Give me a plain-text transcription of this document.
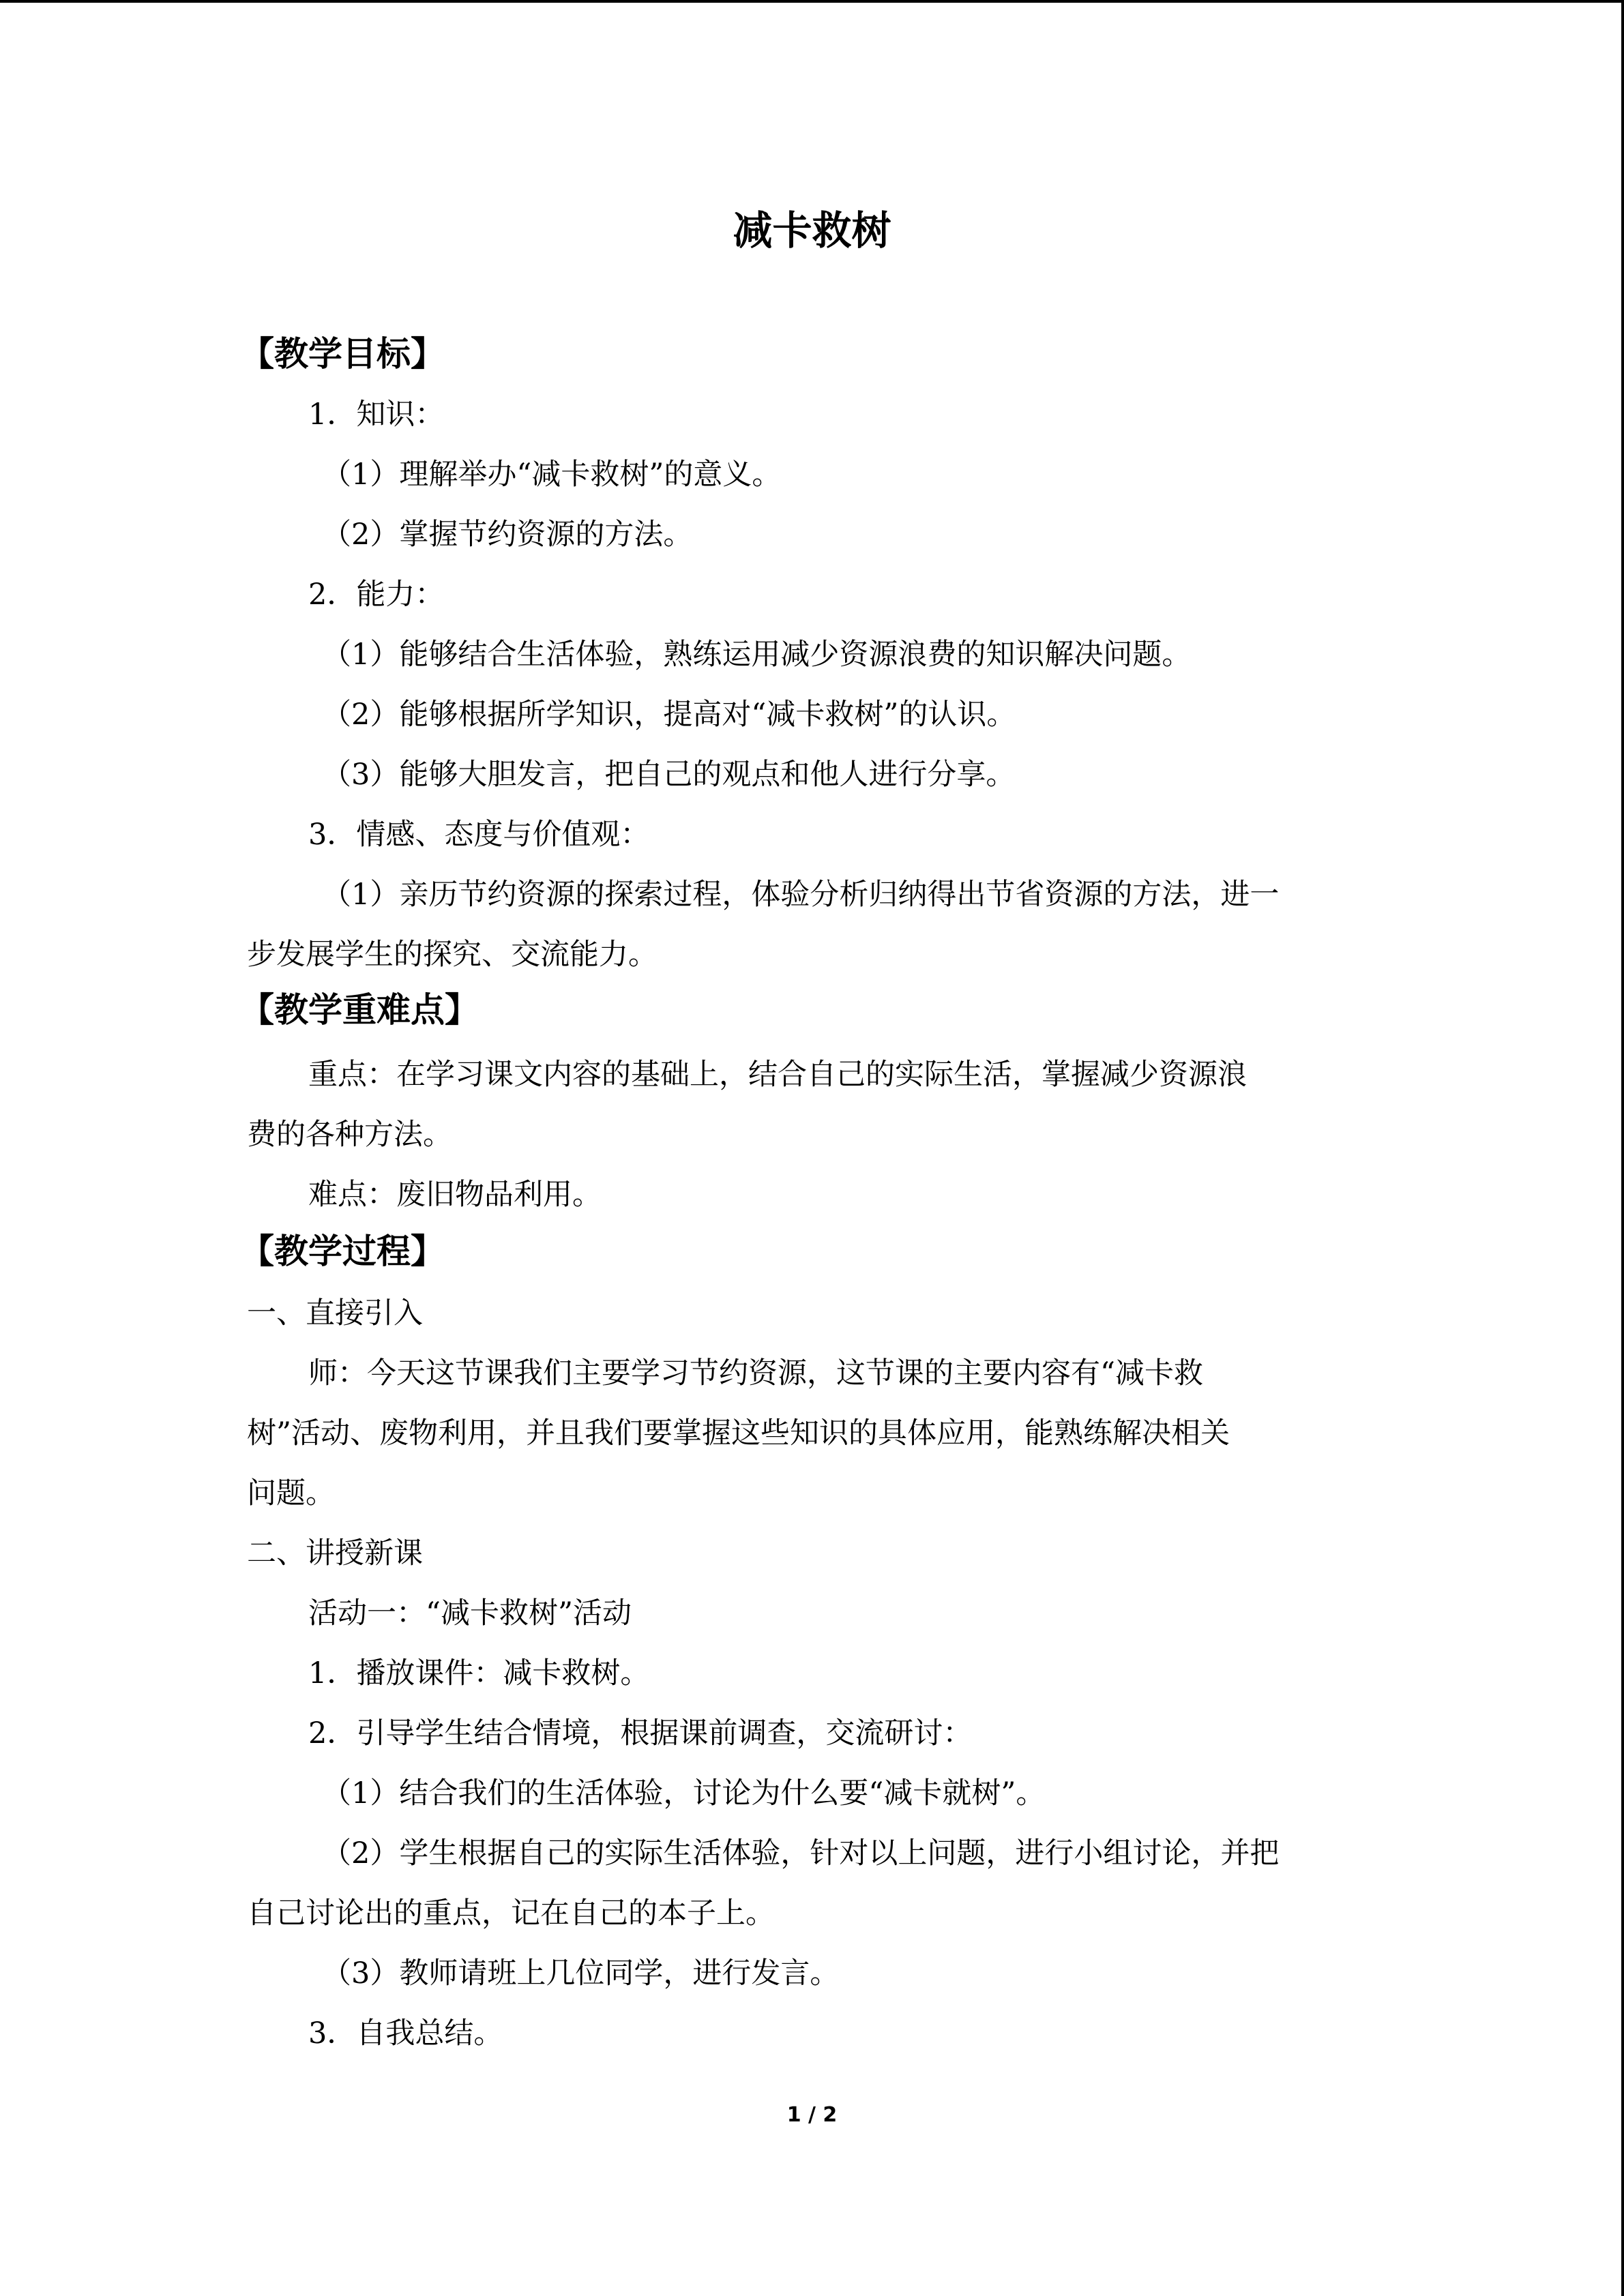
减卡救树
【教学目标】
1．知识：
（1）理解举办“减卡救树”的意义。
（2）掌握节约资源的方法。
2．能力：
（1）能够结合生活体验，熟练运用减少资源浪费的知识解决问题。
（2）能够根据所学知识，提高对“减卡救树”的认识。
（3）能够大胆发言，把自己的观点和他人进行分享。
3．情感、态度与价值观：
（1）亲历节约资源的探索过程，体验分析归纳得出节省资源的方法，进一
步发展学生的探究、交流能力。
【教学重难点】
重点：在学习课文内容的基础上，结合自己的实际生活，掌握减少资源浪
费的各种方法。
难点：废旧物品利用。
【教学过程】
一、直接引入
师：今天这节课我们主要学习节约资源，这节课的主要内容有“减卡救
树”活动、废物利用，并且我们要掌握这些知识的具体应用，能熟练解决相关
问题。
二、讲授新课
活动一：“减卡救树”活动
1．播放课件：减卡救树。
2．引导学生结合情境，根据课前调查，交流研讨：
（1）结合我们的生活体验，讨论为什么要“减卡就树”。
（2）学生根据自己的实际生活体验，针对以上问题，进行小组讨论，并把
自己讨论出的重点，记在自己的本子上。
（3）教师请班上几位同学，进行发言。
3．自我总结。
1 / 2
